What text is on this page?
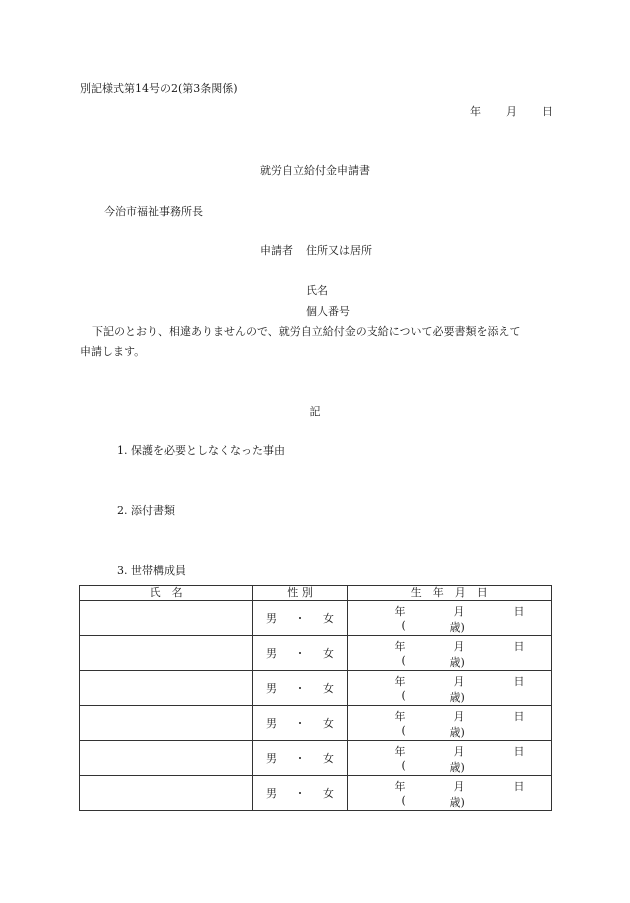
別記様式第14号の2(第3条関係)
年 月 日
就労自立給付金申請書
今治市福祉事務所長
申請者 住所又は居所
氏名
個人番号
下記のとおり、相違ありませんので、就労自立給付金の支給について必要書類を添えて申請します。
記
1. 保護を必要としなくなった事由
2. 添付書類
3. 世帯構成員
氏　名	性 別	生　年　月　日
	男 ・ 女	年 月 日
( 歳)

	男 ・ 女	年 月 日
( 歳)

	男 ・ 女	年 月 日
( 歳)

	男 ・ 女	年 月 日
( 歳)

	男 ・ 女	年 月 日
( 歳)

	男 ・ 女	年 月 日
( 歳)
